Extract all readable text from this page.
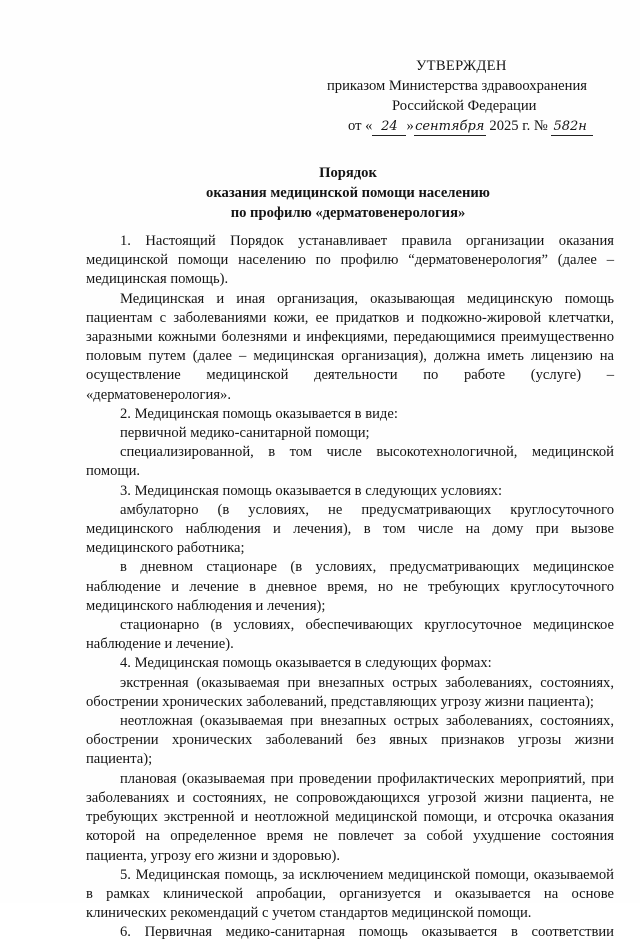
УТВЕРЖДЕН
приказом Министерства здравоохранения
Российской Федерации
от « 24 »сентября 2025 г. № 582н
Порядок
оказания медицинской помощи населению
по профилю «дерматовенерология»

1. Настоящий Порядок устанавливает правила организации оказания медицинской помощи населению по профилю “дерматовенерология” (далее – медицинская помощь).

Медицинская и иная организация, оказывающая медицинскую помощь пациентам с заболеваниями кожи, ее придатков и подкожно-жировой клетчатки, заразными кожными болезнями и инфекциями, передающимися преимущественно половым путем (далее – медицинская организация), должна иметь лицензию на осуществление медицинской деятельности по работе (услуге) – «дерматовенерология».

2. Медицинская помощь оказывается в виде:

первичной медико-санитарной помощи;

специализированной, в том числе высокотехнологичной, медицинской помощи.

3. Медицинская помощь оказывается в следующих условиях:

амбулаторно (в условиях, не предусматривающих круглосуточного медицинского наблюдения и лечения), в том числе на дому при вызове медицинского работника;

в дневном стационаре (в условиях, предусматривающих медицинское наблюдение и лечение в дневное время, но не требующих круглосуточного медицинского наблюдения и лечения);

стационарно (в условиях, обеспечивающих круглосуточное медицинское наблюдение и лечение).

4. Медицинская помощь оказывается в следующих формах:

экстренная (оказываемая при внезапных острых заболеваниях, состояниях, обострении хронических заболеваний, представляющих угрозу жизни пациента);

неотложная (оказываемая при внезапных острых заболеваниях, состояниях, обострении хронических заболеваний без явных признаков угрозы жизни пациента);

плановая (оказываемая при проведении профилактических мероприятий, при заболеваниях и состояниях, не сопровождающихся угрозой жизни пациента, не требующих экстренной и неотложной медицинской помощи, и отсрочка оказания которой на определенное время не повлечет за собой ухудшение состояния пациента, угрозу его жизни и здоровью).

5. Медицинская помощь, за исключением медицинской помощи, оказываемой в рамках клинической апробации, организуется и оказывается на основе клинических рекомендаций с учетом стандартов медицинской помощи.

6. Первичная медико-санитарная помощь оказывается в соответствии
